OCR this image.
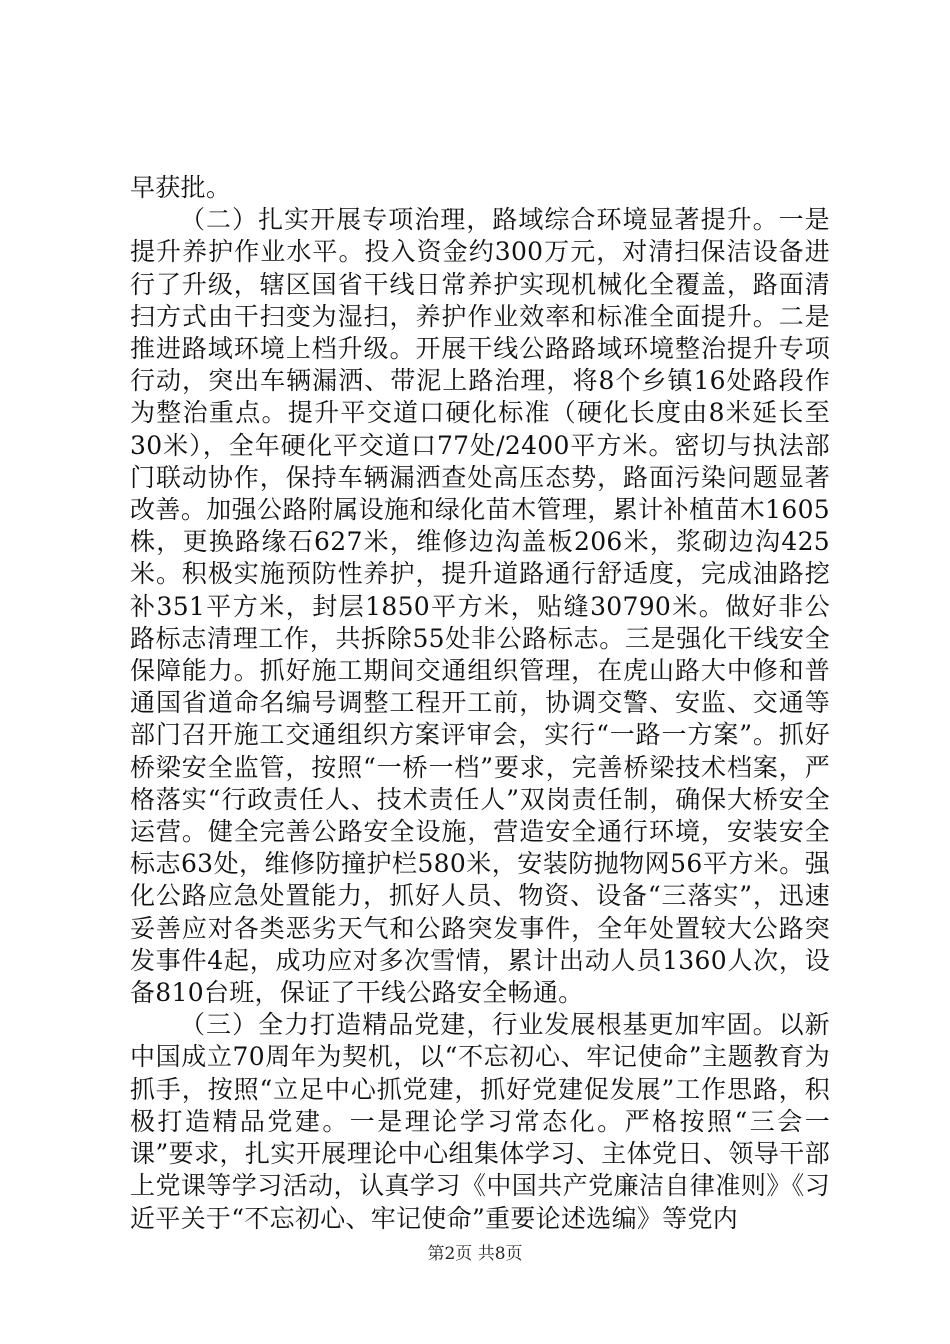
早获批。

（二）扎实开展专项治理，路域综合环境显著提升。一是提升养护作业水平。投入资金约300万元，对清扫保洁设备进行了升级，辖区国省干线日常养护实现机械化全覆盖，路面清扫方式由干扫变为湿扫，养护作业效率和标准全面提升。二是推进路域环境上档升级。开展干线公路路域环境整治提升专项行动，突出车辆漏洒、带泥上路治理，将8个乡镇16处路段作为整治重点。提升平交道口硬化标准（硬化长度由8米延长至30米），全年硬化平交道口77处/2400平方米。密切与执法部门联动协作，保持车辆漏洒查处高压态势，路面污染问题显著改善。加强公路附属设施和绿化苗木管理，累计补植苗木1605株，更换路缘石627米，维修边沟盖板206米，浆砌边沟425米。积极实施预防性养护，提升道路通行舒适度，完成油路挖补351平方米，封层1850平方米，贴缝30790米。做好非公路标志清理工作，共拆除55处非公路标志。三是强化干线安全保障能力。抓好施工期间交通组织管理，在虎山路大中修和普通国省道命名编号调整工程开工前，协调交警、安监、交通等部门召开施工交通组织方案评审会，实行“一路一方案”。抓好桥梁安全监管，按照“一桥一档”要求，完善桥梁技术档案，严格落实“行政责任人、技术责任人”双岗责任制，确保大桥安全运营。健全完善公路安全设施，营造安全通行环境，安装安全标志63处，维修防撞护栏580米，安装防抛物网56平方米。强化公路应急处置能力，抓好人员、物资、设备“三落实”，迅速妥善应对各类恶劣天气和公路突发事件，全年处置较大公路突发事件4起，成功应对多次雪情，累计出动人员1360人次，设备810台班，保证了干线公路安全畅通。

（三）全力打造精品党建，行业发展根基更加牢固。以新中国成立70周年为契机，以“不忘初心、牢记使命”主题教育为抓手，按照“立足中心抓党建，抓好党建促发展”工作思路，积极打造精品党建。一是理论学习常态化。严格按照“三会一课”要求，扎实开展理论中心组集体学习、主体党日、领导干部上党课等学习活动，认真学习《中国共产党廉洁自律准则》《习近平关于“不忘初心、牢记使命”重要论述选编》等党内

第2页 共8页
